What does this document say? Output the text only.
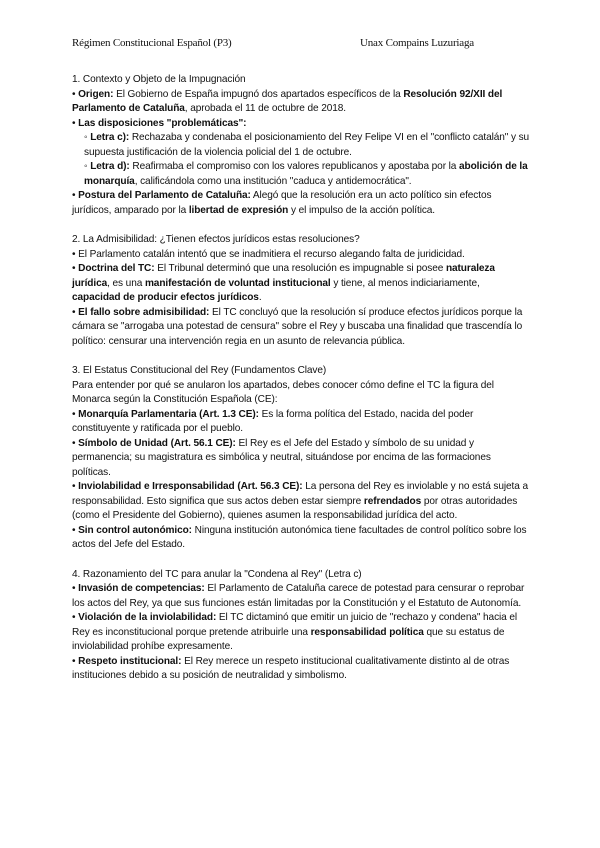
Régimen Constitucional Español (P3)	Unax Compains Luzuriaga

1. Contexto y Objeto de la Impugnación

• Origen: El Gobierno de España impugnó dos apartados específicos de la Resolución 92/XII del Parlamento de Cataluña, aprobada el 11 de octubre de 2018.

• Las disposiciones "problemáticas":

◦ Letra c): Rechazaba y condenaba el posicionamiento del Rey Felipe VI en el "conflicto catalán" y su supuesta justificación de la violencia policial del 1 de octubre.

◦ Letra d): Reafirmaba el compromiso con los valores republicanos y apostaba por la abolición de la monarquía, calificándola como una institución "caduca y antidemocrática".

• Postura del Parlamento de Cataluña: Alegó que la resolución era un acto político sin efectos jurídicos, amparado por la libertad de expresión y el impulso de la acción política.

2. La Admisibilidad: ¿Tienen efectos jurídicos estas resoluciones?

• El Parlamento catalán intentó que se inadmitiera el recurso alegando falta de juridicidad.

• Doctrina del TC: El Tribunal determinó que una resolución es impugnable si posee naturaleza jurídica, es una manifestación de voluntad institucional y tiene, al menos indiciariamente, capacidad de producir efectos jurídicos.

• El fallo sobre admisibilidad: El TC concluyó que la resolución sí produce efectos jurídicos porque la cámara se "arrogaba una potestad de censura" sobre el Rey y buscaba una finalidad que trascendía lo político: censurar una intervención regia en un asunto de relevancia pública.

3. El Estatus Constitucional del Rey (Fundamentos Clave)

Para entender por qué se anularon los apartados, debes conocer cómo define el TC la figura del Monarca según la Constitución Española (CE):

• Monarquía Parlamentaria (Art. 1.3 CE): Es la forma política del Estado, nacida del poder constituyente y ratificada por el pueblo.

• Símbolo de Unidad (Art. 56.1 CE): El Rey es el Jefe del Estado y símbolo de su unidad y permanencia; su magistratura es simbólica y neutral, situándose por encima de las formaciones políticas.

• Inviolabilidad e Irresponsabilidad (Art. 56.3 CE): La persona del Rey es inviolable y no está sujeta a responsabilidad. Esto significa que sus actos deben estar siempre refrendados por otras autoridades (como el Presidente del Gobierno), quienes asumen la responsabilidad jurídica del acto.

• Sin control autonómico: Ninguna institución autonómica tiene facultades de control político sobre los actos del Jefe del Estado.

4. Razonamiento del TC para anular la "Condena al Rey" (Letra c)

• Invasión de competencias: El Parlamento de Cataluña carece de potestad para censurar o reprobar los actos del Rey, ya que sus funciones están limitadas por la Constitución y el Estatuto de Autonomía.

• Violación de la inviolabilidad: El TC dictaminó que emitir un juicio de "rechazo y condena" hacia el Rey es inconstitucional porque pretende atribuirle una responsabilidad política que su estatus de inviolabilidad prohíbe expresamente.

• Respeto institucional: El Rey merece un respeto institucional cualitativamente distinto al de otras instituciones debido a su posición de neutralidad y simbolismo.
